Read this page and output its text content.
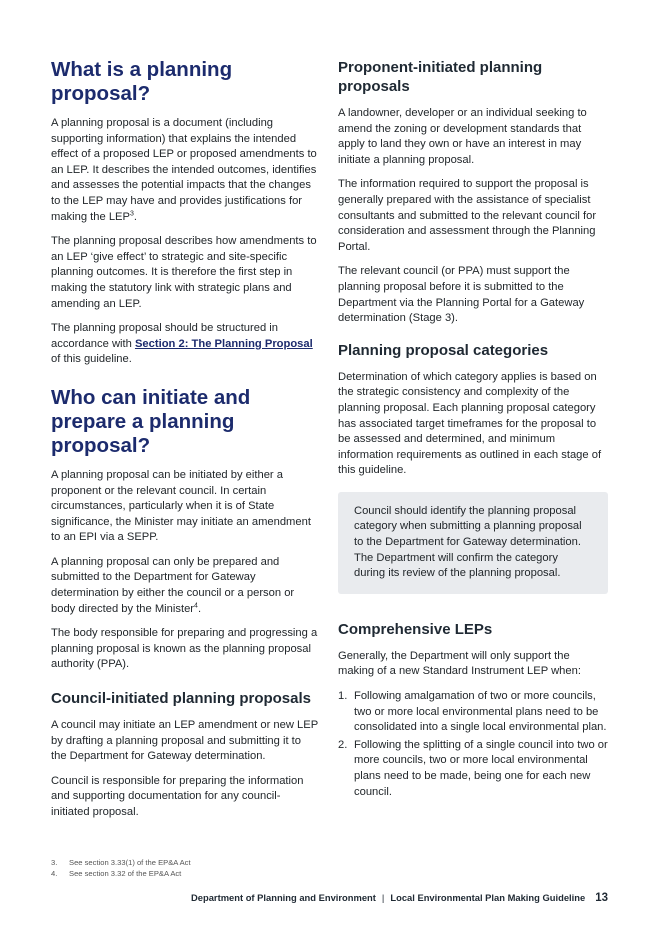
What is a planning proposal?

A planning proposal is a document (including supporting information) that explains the intended effect of a proposed LEP or proposed amendments to an LEP. It describes the intended outcomes, identifies and assesses the potential impacts that the changes to the LEP may have and provides justifications for making the LEP$^3$.

The planning proposal describes how amendments to an LEP ‘give effect’ to strategic and site-specific planning outcomes. It is therefore the first step in making the statutory link with strategic plans and amending an LEP.

The planning proposal should be structured in accordance with Section 2: The Planning Proposal of this guideline.

Who can initiate and prepare a planning proposal?

A planning proposal can be initiated by either a proponent or the relevant council. In certain circumstances, particularly when it is of State significance, the Minister may initiate an amendment to an EPI via a SEPP.

A planning proposal can only be prepared and submitted to the Department for Gateway determination by either the council or a person or body directed by the Minister$^4$.

The body responsible for preparing and progressing a planning proposal is known as the planning proposal authority (PPA).

Council-initiated planning proposals

A council may initiate an LEP amendment or new LEP by drafting a planning proposal and submitting it to the Department for Gateway determination.

Council is responsible for preparing the information and supporting documentation for any council-initiated proposal.

Proponent-initiated planning proposals

A landowner, developer or an individual seeking to amend the zoning or development standards that apply to land they own or have an interest in may initiate a planning proposal.

The information required to support the proposal is generally prepared with the assistance of specialist consultants and submitted to the relevant council for consideration and assessment through the Planning Portal.

The relevant council (or PPA) must support the planning proposal before it is submitted to the Department via the Planning Portal for a Gateway determination (Stage 3).

Planning proposal categories

Determination of which category applies is based on the strategic consistency and complexity of the planning proposal. Each planning proposal category has associated target timeframes for the proposal to be assessed and determined, and minimum information requirements as outlined in each stage of this guideline.

Council should identify the planning proposal category when submitting a planning proposal to the Department for Gateway determination. The Department will confirm the category during its review of the planning proposal.

Comprehensive LEPs

Generally, the Department will only support the making of a new Standard Instrument LEP when:

1. Following amalgamation of two or more councils, two or more local environmental plans need to be consolidated into a single local environmental plan.
2. Following the splitting of a single council into two or more councils, two or more local environmental plans need to be made, being one for each new council.
3.	See section 3.33(1) of the EP&A Act
4.	See section 3.32 of the EP&A Act
Department of Planning and Environment | Local Environmental Plan Making Guideline 13
